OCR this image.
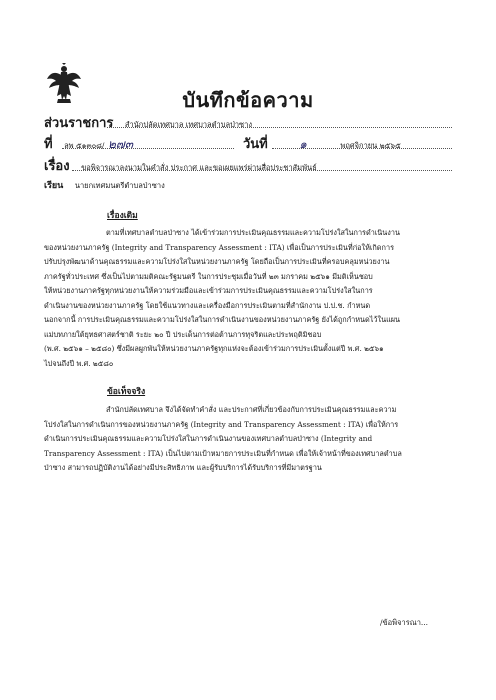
บันทึกข้อความ
ส่วนราชการ สำนักปลัดเทศบาล เทศบาลตำบลป่าซาง
ที่ ลพ ๕๑๓๐๘/ ๒๗๓	วันที่	๑	พฤศจิกายน ๒๕๖๕
เรื่อง ขอพิจารณาลงนามในคำสั่ง ประกาศ และขอเผยแพร่ผ่านสื่อประชาสัมพันธ์
เรียน นายกเทศมนตรีตำบลป่าซาง
เรื่องเดิม

ตามที่เทศบาลตำบลป่าซาง ได้เข้าร่วมการประเมินคุณธรรมและความโปร่งใสในการดำเนินงาน

ของหน่วยงานภาครัฐ (Integrity and Transparency Assessment : ITA) เพื่อเป็นการประเมินที่ก่อให้เกิดการ

ปรับปรุงพัฒนาด้านคุณธรรมและความโปร่งใสในหน่วยงานภาครัฐ โดยถือเป็นการประเมินที่ครอบคลุมหน่วยงาน

ภาครัฐทั่วประเทศ ซึ่งเป็นไปตามมติคณะรัฐมนตรี ในการประชุมเมื่อวันที่ ๒๓ มกราคม ๒๕๖๑ มีมติเห็นชอบ

ให้หน่วยงานภาครัฐทุกหน่วยงานให้ความร่วมมือและเข้าร่วมการประเมินคุณธรรมและความโปร่งใสในการ

ดำเนินงานของหน่วยงานภาครัฐ โดยใช้แนวทางและเครื่องมือการประเมินตามที่สำนักงาน ป.ป.ช. กำหนด

นอกจากนี้ การประเมินคุณธรรมและความโปร่งใสในการดำเนินงานของหน่วยงานภาครัฐ ยังได้ถูกกำหนดไว้ในแผน

แม่บทภายใต้ยุทธศาสตร์ชาติ ระยะ ๒๐ ปี ประเด็นการต่อต้านการทุจริตและประพฤติมิชอบ

(พ.ศ. ๒๕๖๑ – ๒๕๘๐) ซึ่งมีผลผูกพันให้หน่วยงานภาครัฐทุกแห่งจะต้องเข้าร่วมการประเมินตั้งแต่ปี พ.ศ. ๒๕๖๑

ไปจนถึงปี พ.ศ. ๒๕๘๐

ข้อเท็จจริง

สำนักปลัดเทศบาล จึงได้จัดทำคำสั่ง และประกาศที่เกี่ยวข้องกับการประเมินคุณธรรมและความ

โปร่งใสในการดำเนินการของหน่วยงานภาครัฐ (Integrity and Transparency Assessment : ITA) เพื่อให้การ

ดำเนินการประเมินคุณธรรมและความโปร่งใสในการดำเนินงานของเทศบาลตำบลป่าซาง (Integrity and

Transparency Assessment : ITA) เป็นไปตามเป้าหมายการประเมินที่กำหนด เพื่อให้เจ้าหน้าที่ของเทศบาลตำบล

ป่าซาง สามารถปฏิบัติงานได้อย่างมีประสิทธิภาพ และผู้รับบริการได้รับบริการที่มีมาตรฐาน

/ข้อพิจารณา...
